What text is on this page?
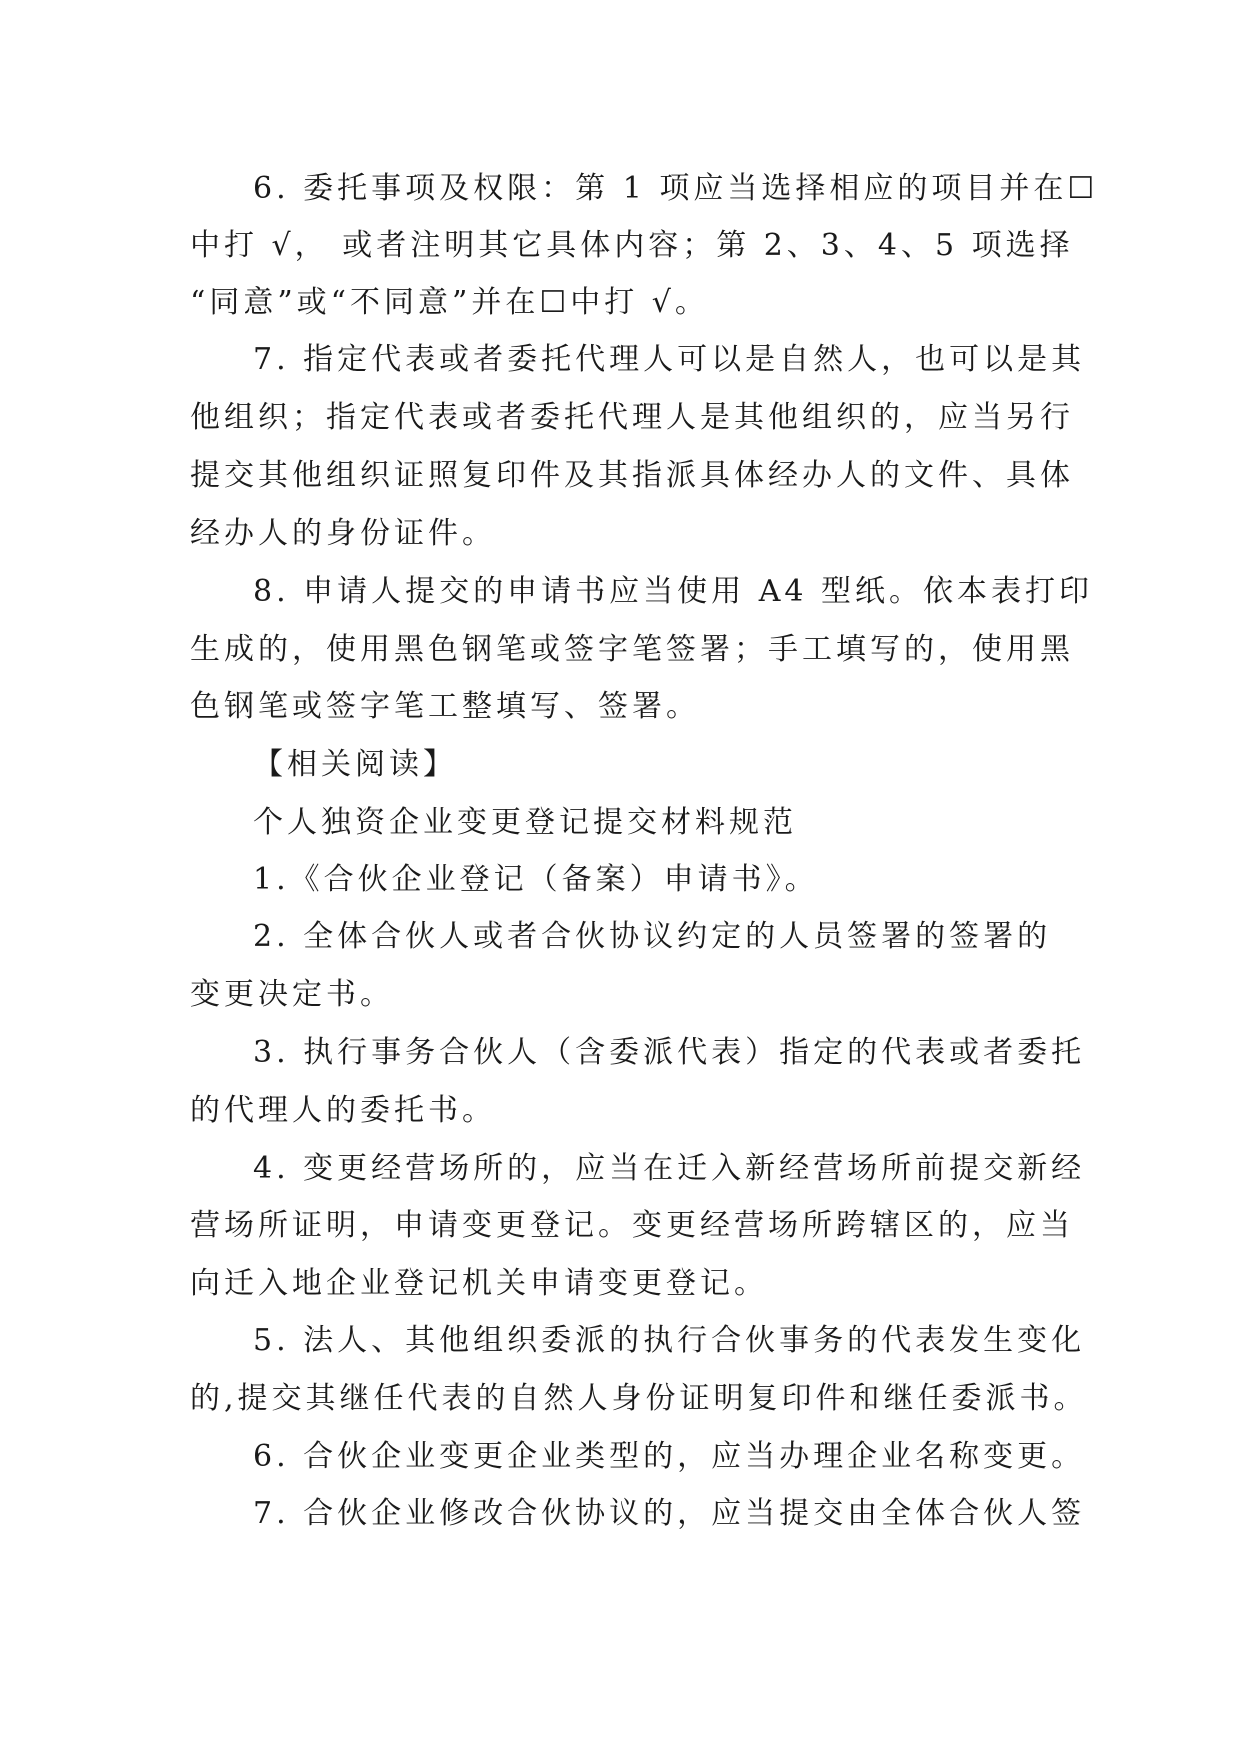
6. 委托事项及权限：第 1 项应当选择相应的项目并在☐
中打 √， 或者注明其它具体内容；第 2、3、4、5 项选择
“同意”或“不同意”并在☐中打 √。
7. 指定代表或者委托代理人可以是自然人，也可以是其
他组织；指定代表或者委托代理人是其他组织的，应当另行
提交其他组织证照复印件及其指派具体经办人的文件、具体
经办人的身份证件。
8. 申请人提交的申请书应当使用 A4 型纸。依本表打印
生成的，使用黑色钢笔或签字笔签署；手工填写的，使用黑
色钢笔或签字笔工整填写、签署。
【相关阅读】
个人独资企业变更登记提交材料规范
1.《合伙企业登记（备案）申请书》。
2. 全体合伙人或者合伙协议约定的人员签署的签署的
变更决定书。
3. 执行事务合伙人（含委派代表）指定的代表或者委托
的代理人的委托书。
4. 变更经营场所的，应当在迁入新经营场所前提交新经
营场所证明，申请变更登记。变更经营场所跨辖区的，应当
向迁入地企业登记机关申请变更登记。
5. 法人、其他组织委派的执行合伙事务的代表发生变化
的,提交其继任代表的自然人身份证明复印件和继任委派书。
6. 合伙企业变更企业类型的，应当办理企业名称变更。
7. 合伙企业修改合伙协议的，应当提交由全体合伙人签
